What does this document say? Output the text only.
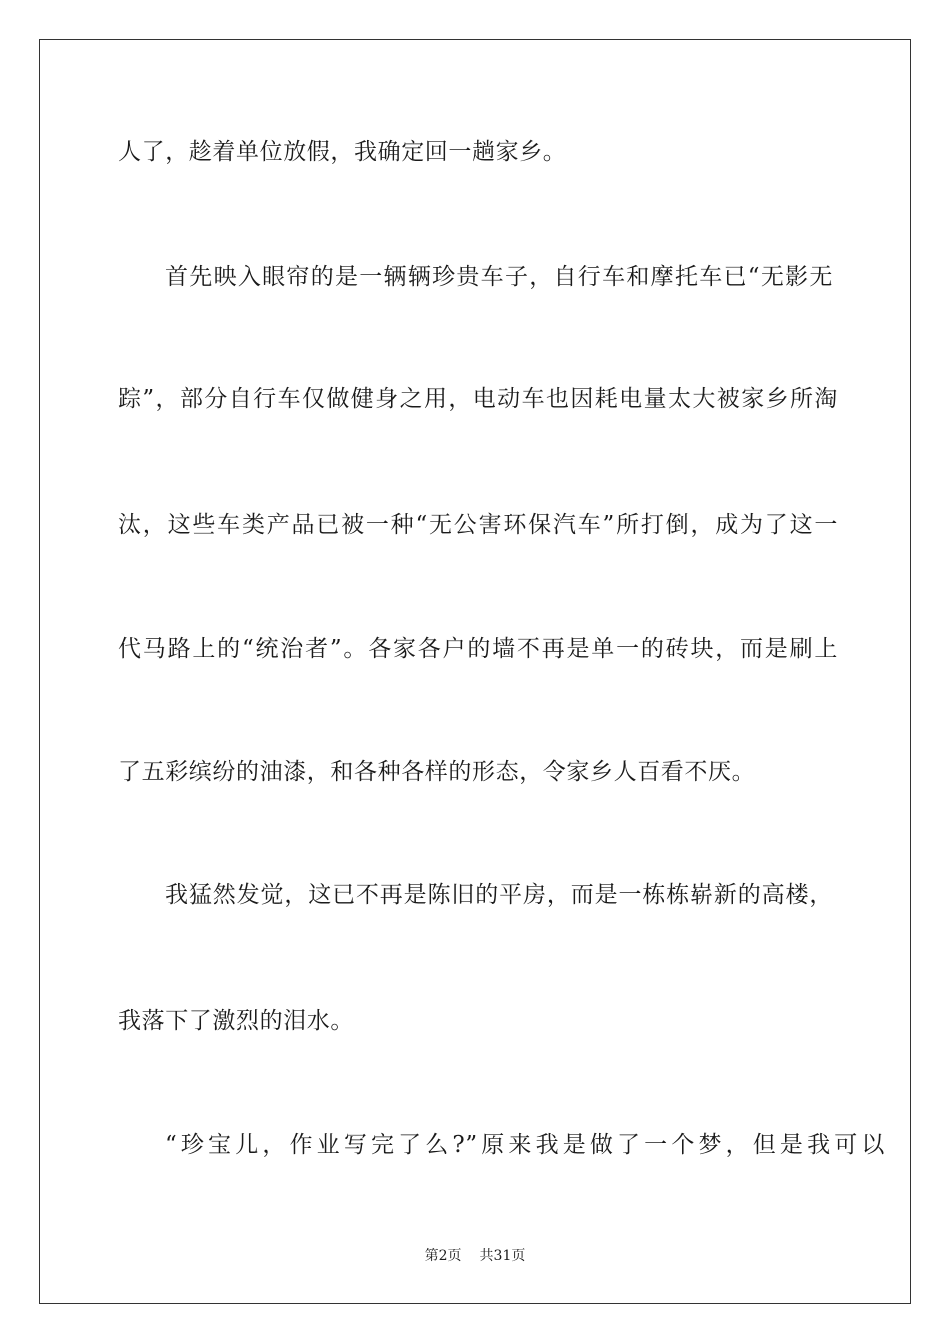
人了，趁着单位放假，我确定回一趟家乡。
首先映入眼帘的是一辆辆珍贵车子，自行车和摩托车已“无影无
踪”，部分自行车仅做健身之用，电动车也因耗电量太大被家乡所淘
汰，这些车类产品已被一种“无公害环保汽车”所打倒，成为了这一
代马路上的“统治者”。各家各户的墙不再是单一的砖块，而是刷上
了五彩缤纷的油漆，和各种各样的形态，令家乡人百看不厌。
我猛然发觉，这已不再是陈旧的平房，而是一栋栋崭新的高楼，
我落下了激烈的泪水。
“珍宝儿，作业写完了么?”原来我是做了一个梦，但是我可以
第2页 共31页
